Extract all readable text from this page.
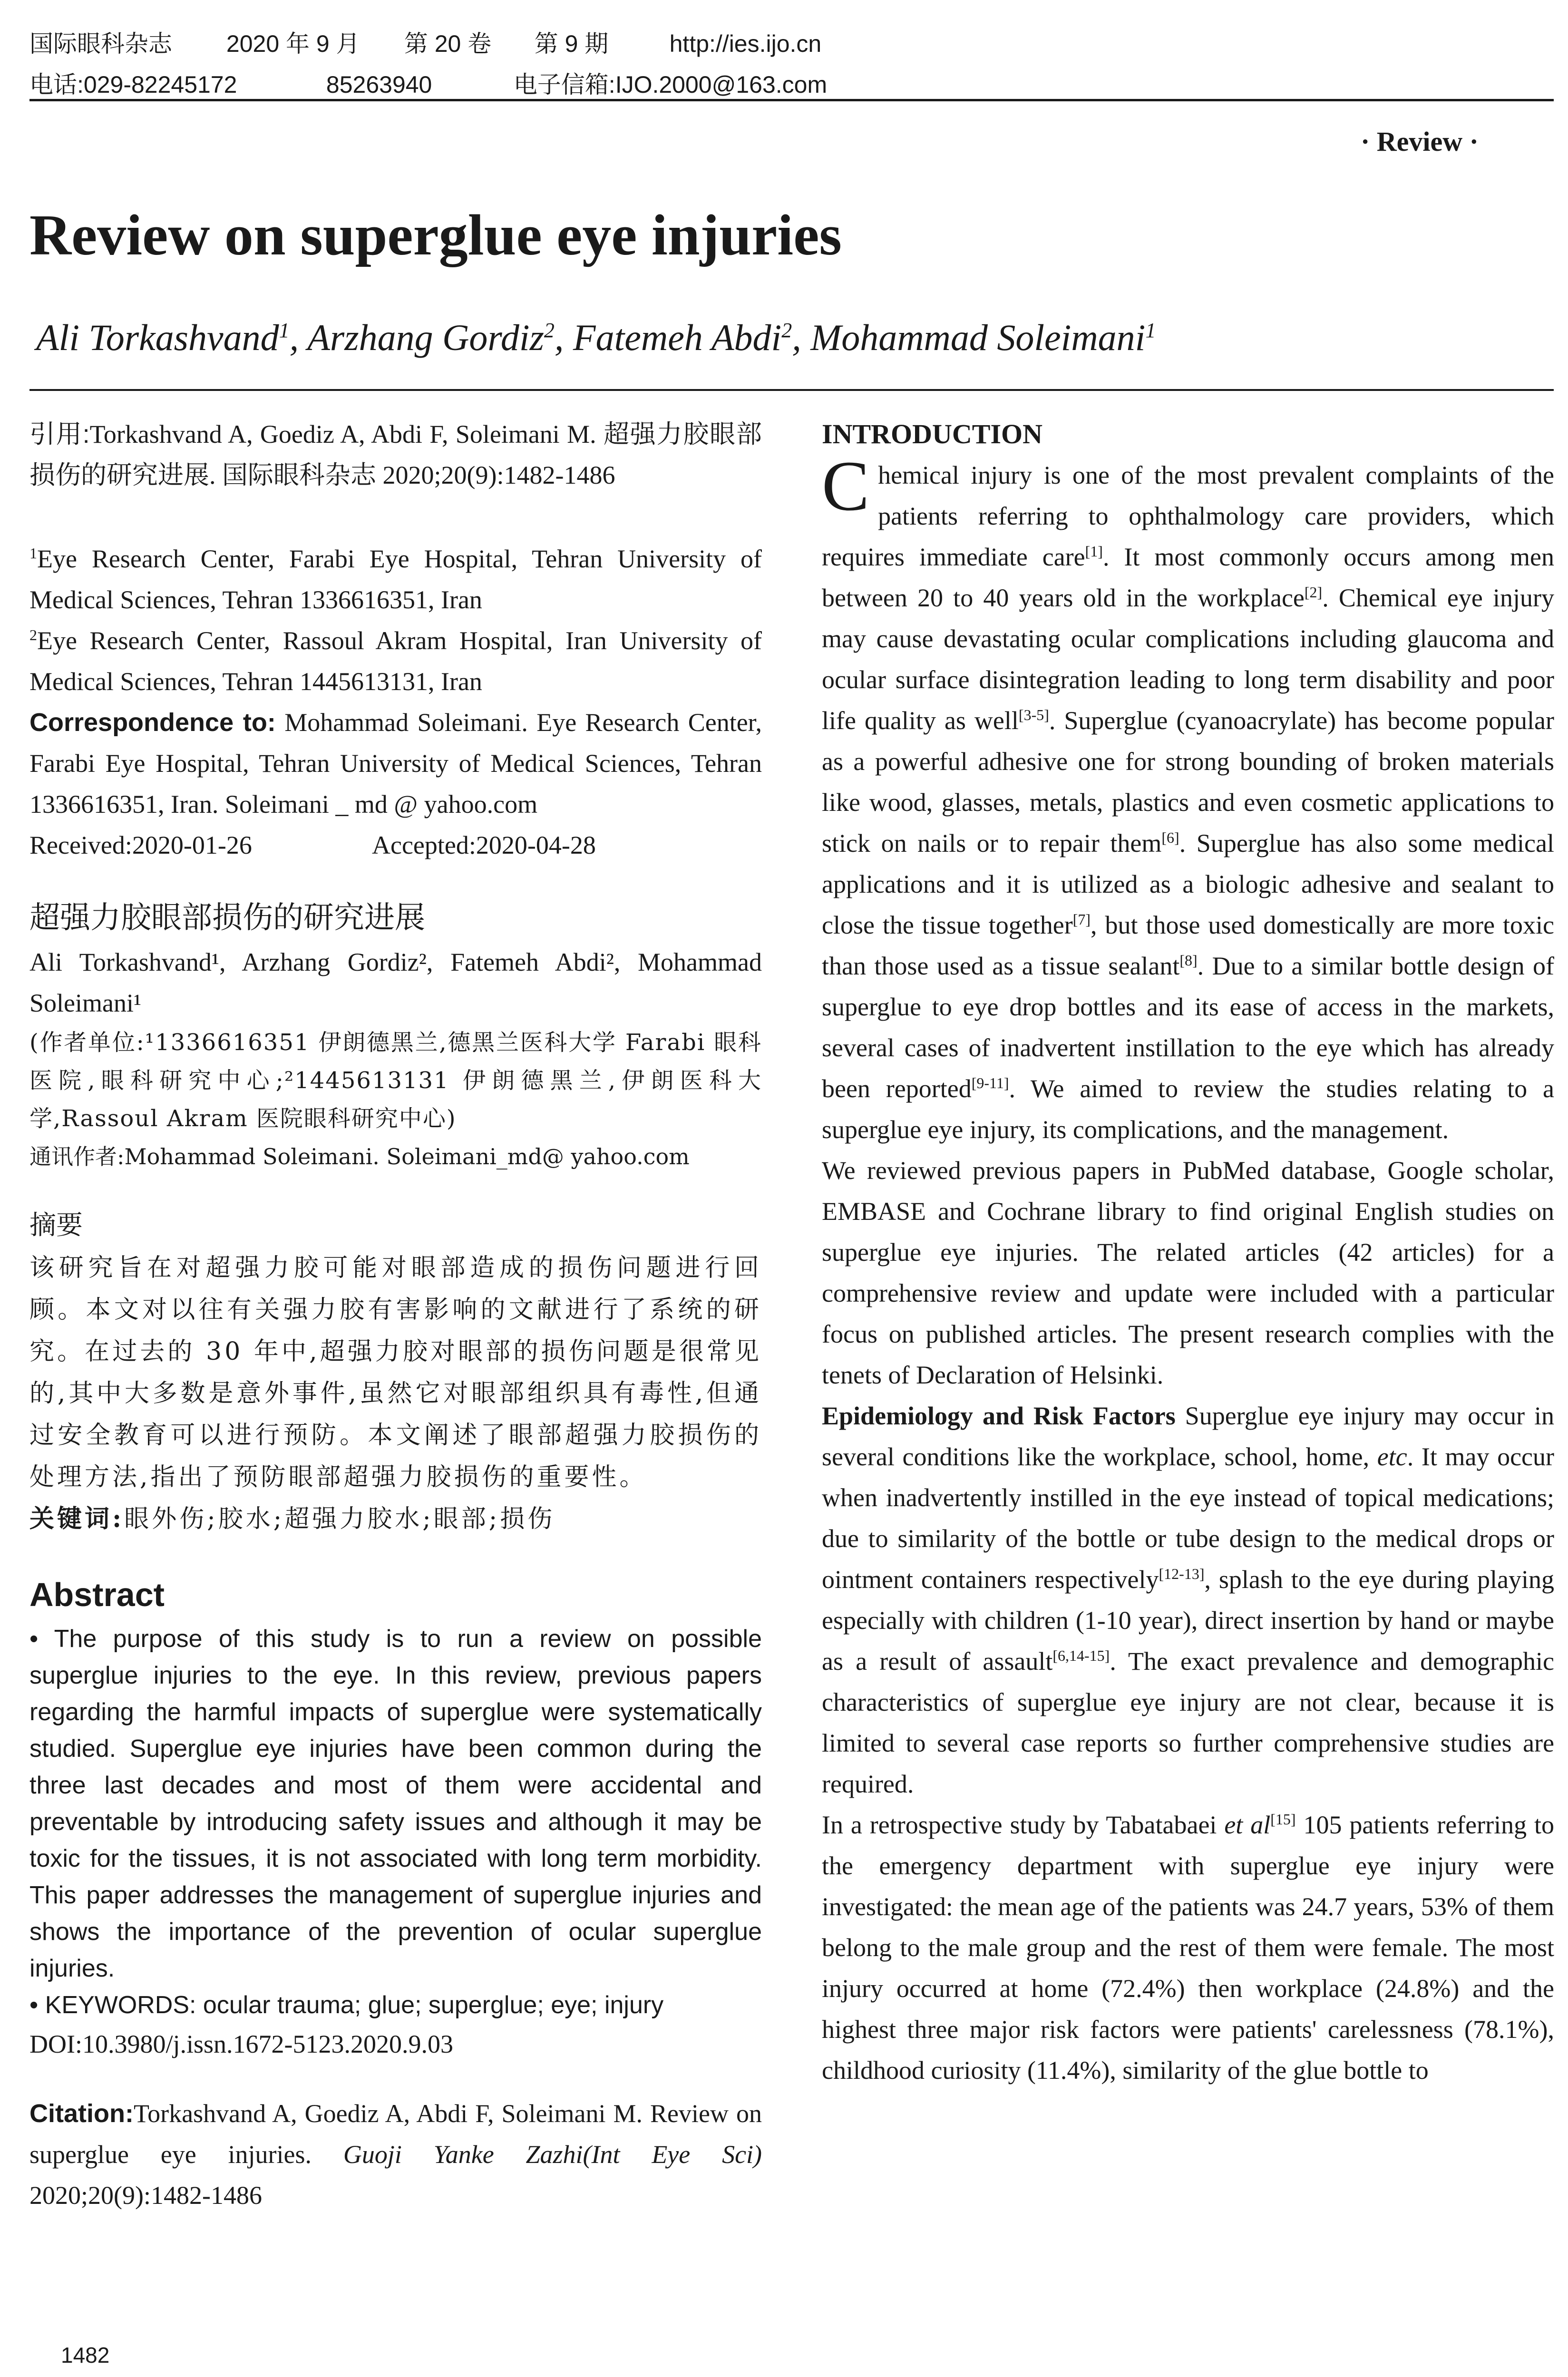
国际眼科杂志 2020 年 9 月 第 20 卷 第 9 期	http://ies.ijo.cn
电话:029-82245172	85263940	电子信箱:IJO.2000@163.com
· Review ·
Review on superglue eye injuries
Ali Torkashvand$^1$, Arzhang Gordiz$^2$, Fatemeh Abdi$^2$, Mohammad Soleimani$^1$

引用:Torkashvand A, Goediz A, Abdi F, Soleimani M. 超强力胶眼部损伤的研究进展. 国际眼科杂志 2020;20(9):1482-1486

$^1$Eye Research Center, Farabi Eye Hospital, Tehran University of Medical Sciences, Tehran 1336616351, Iran

$^2$Eye Research Center, Rassoul Akram Hospital, Iran University of Medical Sciences, Tehran 1445613131, Iran

Correspondence to: Mohammad Soleimani. Eye Research Center, Farabi Eye Hospital, Tehran University of Medical Sciences, Tehran 1336616351, Iran. Soleimani _ md @ yahoo.com

Received:2020-01-26	Accepted:2020-04-28

超强力胶眼部损伤的研究进展

Ali Torkashvand¹, Arzhang Gordiz², Fatemeh Abdi², Mohammad Soleimani¹

(作者单位:¹1336616351 伊朗德黑兰,德黑兰医科大学 Farabi 眼科医院,眼科研究中心;²1445613131 伊朗德黑兰,伊朗医科大学,Rassoul Akram 医院眼科研究中心)

通讯作者:Mohammad Soleimani. Soleimani_md@ yahoo.com

摘要

该研究旨在对超强力胶可能对眼部造成的损伤问题进行回顾。本文对以往有关强力胶有害影响的文献进行了系统的研究。在过去的 30 年中,超强力胶对眼部的损伤问题是很常见的,其中大多数是意外事件,虽然它对眼部组织具有毒性,但通过安全教育可以进行预防。本文阐述了眼部超强力胶损伤的处理方法,指出了预防眼部超强力胶损伤的重要性。

关键词:眼外伤;胶水;超强力胶水;眼部;损伤

Abstract

• The purpose of this study is to run a review on possible superglue injuries to the eye. In this review, previous papers regarding the harmful impacts of superglue were systematically studied. Superglue eye injuries have been common during the three last decades and most of them were accidental and preventable by introducing safety issues and although it may be toxic for the tissues, it is not associated with long term morbidity. This paper addresses the management of superglue injuries and shows the importance of the prevention of ocular superglue injuries.

• KEYWORDS: ocular trauma; glue; superglue; eye; injury

DOI:10.3980/j.issn.1672-5123.2020.9.03

Citation:Torkashvand A, Goediz A, Abdi F, Soleimani M. Review on superglue eye injuries. Guoji Yanke Zazhi(Int Eye Sci) 2020;20(9):1482-1486

INTRODUCTION

Chemical injury is one of the most prevalent complaints of the patients referring to ophthalmology care providers, which requires immediate care[1]. It most commonly occurs among men between 20 to 40 years old in the workplace[2]. Chemical eye injury may cause devastating ocular complications including glaucoma and ocular surface disintegration leading to long term disability and poor life quality as well[3-5]. Superglue (cyanoacrylate) has become popular as a powerful adhesive one for strong bounding of broken materials like wood, glasses, metals, plastics and even cosmetic applications to stick on nails or to repair them[6]. Superglue has also some medical applications and it is utilized as a biologic adhesive and sealant to close the tissue together[7], but those used domestically are more toxic than those used as a tissue sealant[8]. Due to a similar bottle design of superglue to eye drop bottles and its ease of access in the markets, several cases of inadvertent instillation to the eye which has already been reported[9-11]. We aimed to review the studies relating to a superglue eye injury, its complications, and the management.

We reviewed previous papers in PubMed database, Google scholar, EMBASE and Cochrane library to find original English studies on superglue eye injuries. The related articles (42 articles) for a comprehensive review and update were included with a particular focus on published articles. The present research complies with the tenets of Declaration of Helsinki.

Epidemiology and Risk Factors Superglue eye injury may occur in several conditions like the workplace, school, home, etc. It may occur when inadvertently instilled in the eye instead of topical medications; due to similarity of the bottle or tube design to the medical drops or ointment containers respectively[12-13], splash to the eye during playing especially with children (1-10 year), direct insertion by hand or maybe as a result of assault[6,14-15]. The exact prevalence and demographic characteristics of superglue eye injury are not clear, because it is limited to several case reports so further comprehensive studies are required.

In a retrospective study by Tabatabaei et al[15] 105 patients referring to the emergency department with superglue eye injury were investigated: the mean age of the patients was 24.7 years, 53% of them belong to the male group and the rest of them were female. The most injury occurred at home (72.4%) then workplace (24.8%) and the highest three major risk factors were patients' carelessness (78.1%), childhood curiosity (11.4%), similarity of the glue bottle to

1482
